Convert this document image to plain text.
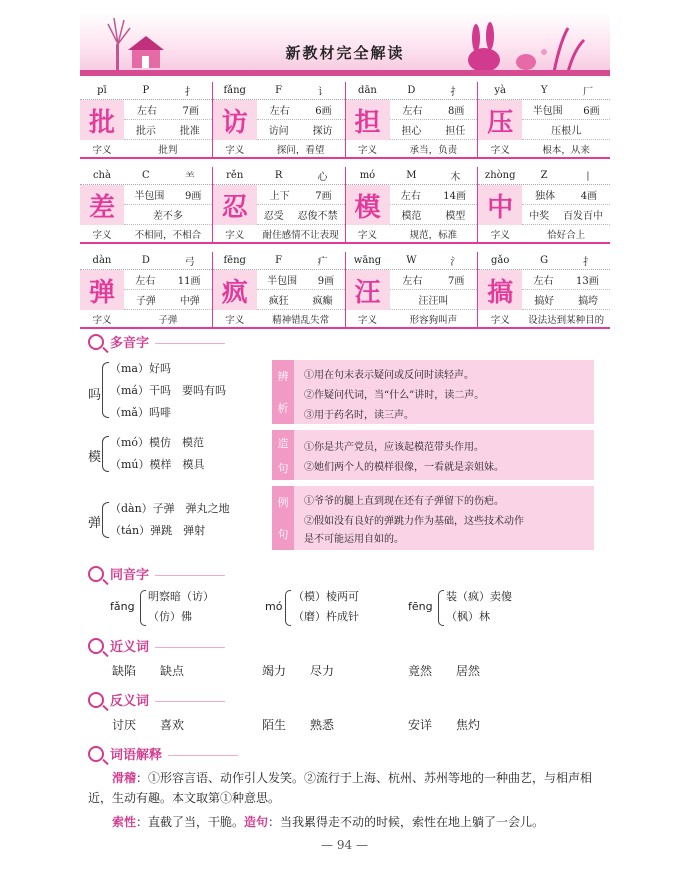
新教材完全解读
pī	P	扌
批	左右	7画
批示 批准
字义	批判
fǎng	F	讠
访	左右	6画
访问 探访
字义	探问，看望
dān	D	扌
担	左右	8画
担心 担任
字义	承当，负责
yà	Y	厂
压	半包围 6画
压根儿
字义	根本，从来
chà	C	⺷
差	半包围 9画
差不多
字义	不相同，不相合
rěn	R	心
忍	上下	7画
忍受 忍俊不禁
字义	耐住感情不让表现
mó	M	木
模	左右 14画
模范 模型
字义	规范，标准
zhòng	Z	丨
中	独体	4画
中奖 百发百中
字义	恰好合上
dàn	D	弓
弹	左右 11画
子弹 中弹
字义	子弹
fēng	F	疒
疯	半包围 9画
疯狂 疯癫
字义	精神错乱失常
wāng	W	氵
汪	左右	7画
汪汪叫
字义	形容狗叫声
gǎo	G	扌
搞	左右 13画
搞好 搞垮
字义	设法达到某种目的
多音字
吗
（ma）好吗
（má）干吗　要吗有吗
（mǎ）吗啡
辨
析
①用在句末表示疑问或反问时读轻声。
②作疑问代词，当“什么”讲时，读二声。
③用于药名时，读三声。
模
（mó）模仿　模范
（mú）模样　模具
造
句
①你是共产党员，应该起模范带头作用。
②她们两个人的模样很像，一看就是亲姐妹。
弹
（dàn）子弹　弹丸之地
（tán）弹跳　弹射
例
句
①爷爷的腿上直到现在还有子弹留下的伤疤。
②假如没有良好的弹跳力作为基础，这些技术动作
是不可能运用自如的。
同音字
fǎng
明察暗（访）
（仿）佛
mó
（模）棱两可
（磨）杵成针
fēng
装（疯）卖傻
（枫）林
近义词
缺陷　　 缺点	竭力　　 尽力	竟然　　 居然
反义词
讨厌　　 喜欢	陌生　　 熟悉	安详　　 焦灼
词语解释
滑稽：①形容言语、动作引人发笑。②流行于上海、杭州、苏州等地的一种曲艺，与相声相近，生动有趣。本文取第①种意思。
索性：直截了当，干脆。造句：当我累得走不动的时候，索性在地上躺了一会儿。
— 94 —
